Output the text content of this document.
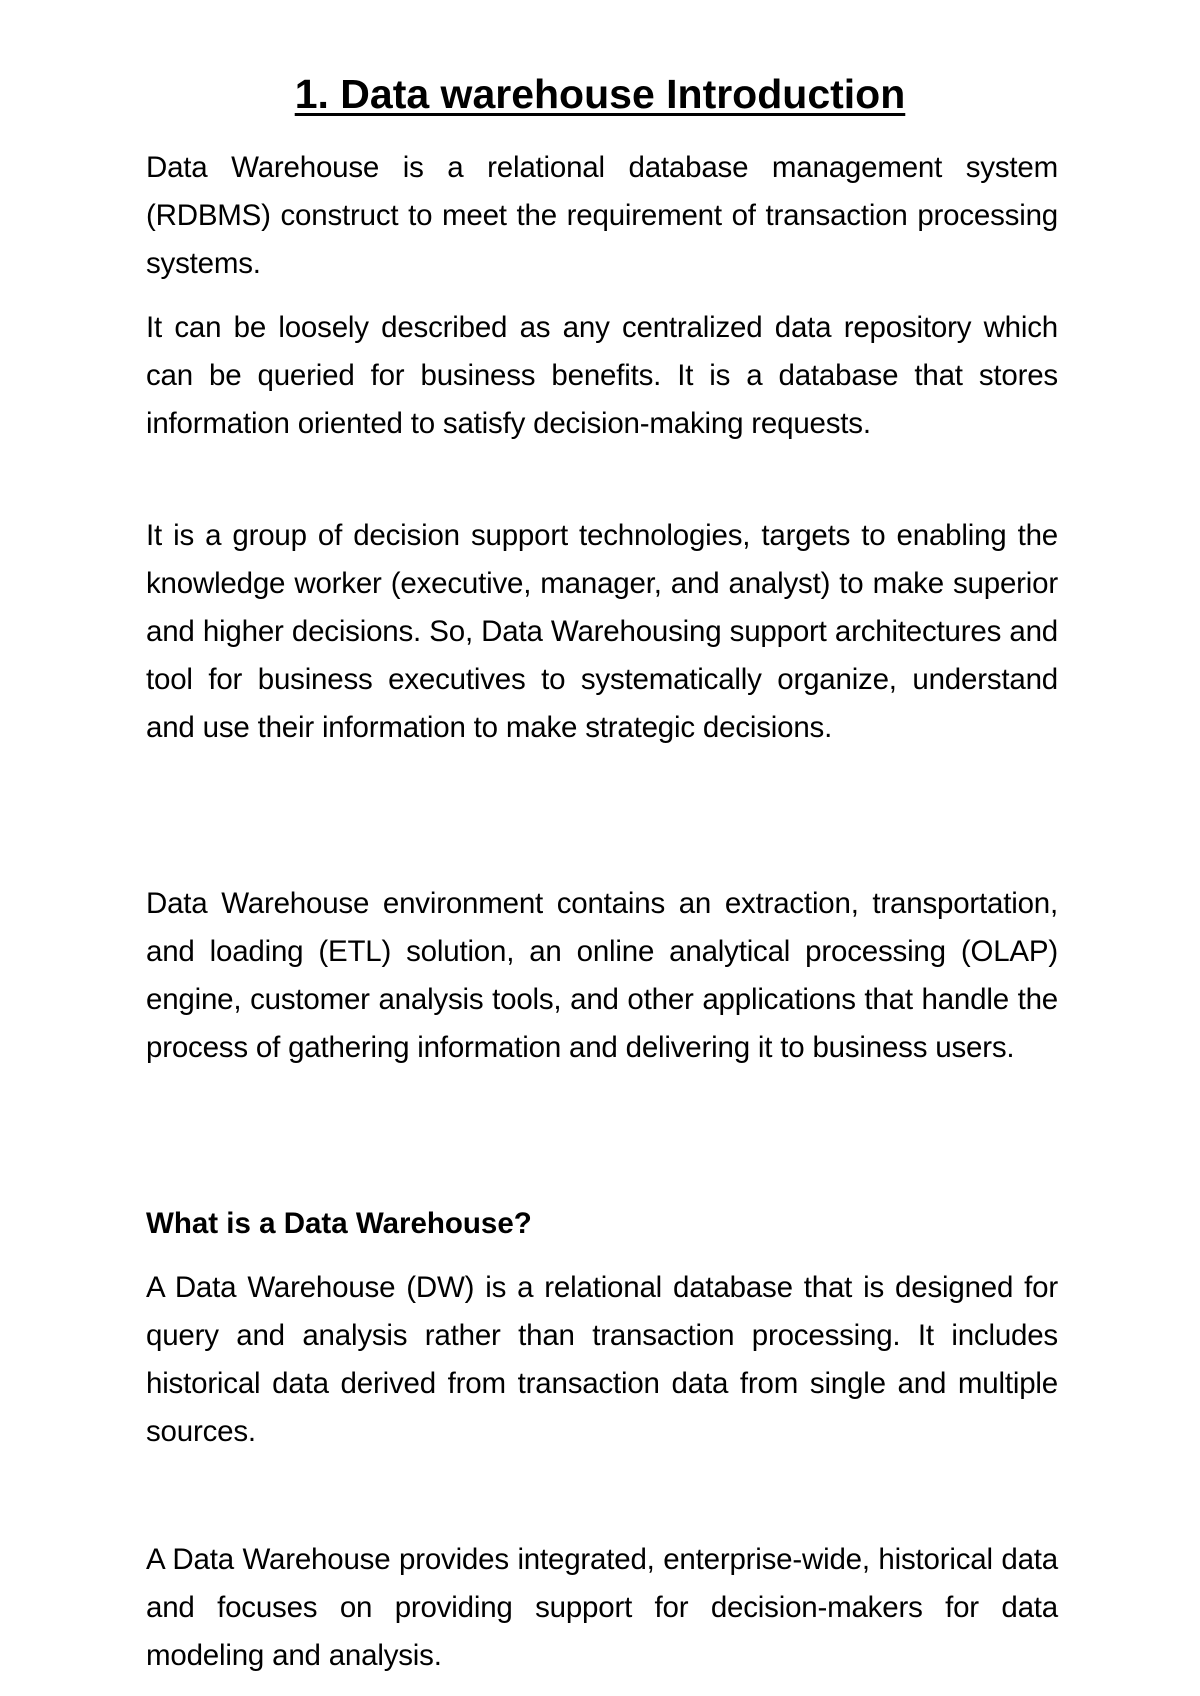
1. Data warehouse Introduction

Data Warehouse is a relational database management system (RDBMS) construct to meet the requirement of transaction processing systems.

It can be loosely described as any centralized data repository which can be queried for business benefits. It is a database that stores information oriented to satisfy decision-making requests.

It is a group of decision support technologies, targets to enabling the knowledge worker (executive, manager, and analyst) to make superior and higher decisions. So, Data Warehousing support architectures and tool for business executives to systematically organize, understand and use their information to make strategic decisions.

Data Warehouse environment contains an extraction, transportation, and loading (ETL) solution, an online analytical processing (OLAP) engine, customer analysis tools, and other applications that handle the process of gathering information and delivering it to business users.

What is a Data Warehouse?

A Data Warehouse (DW) is a relational database that is designed for query and analysis rather than transaction processing. It includes historical data derived from transaction data from single and multiple sources.

A Data Warehouse provides integrated, enterprise-wide, historical data and focuses on providing support for decision-makers for data modeling and analysis.
